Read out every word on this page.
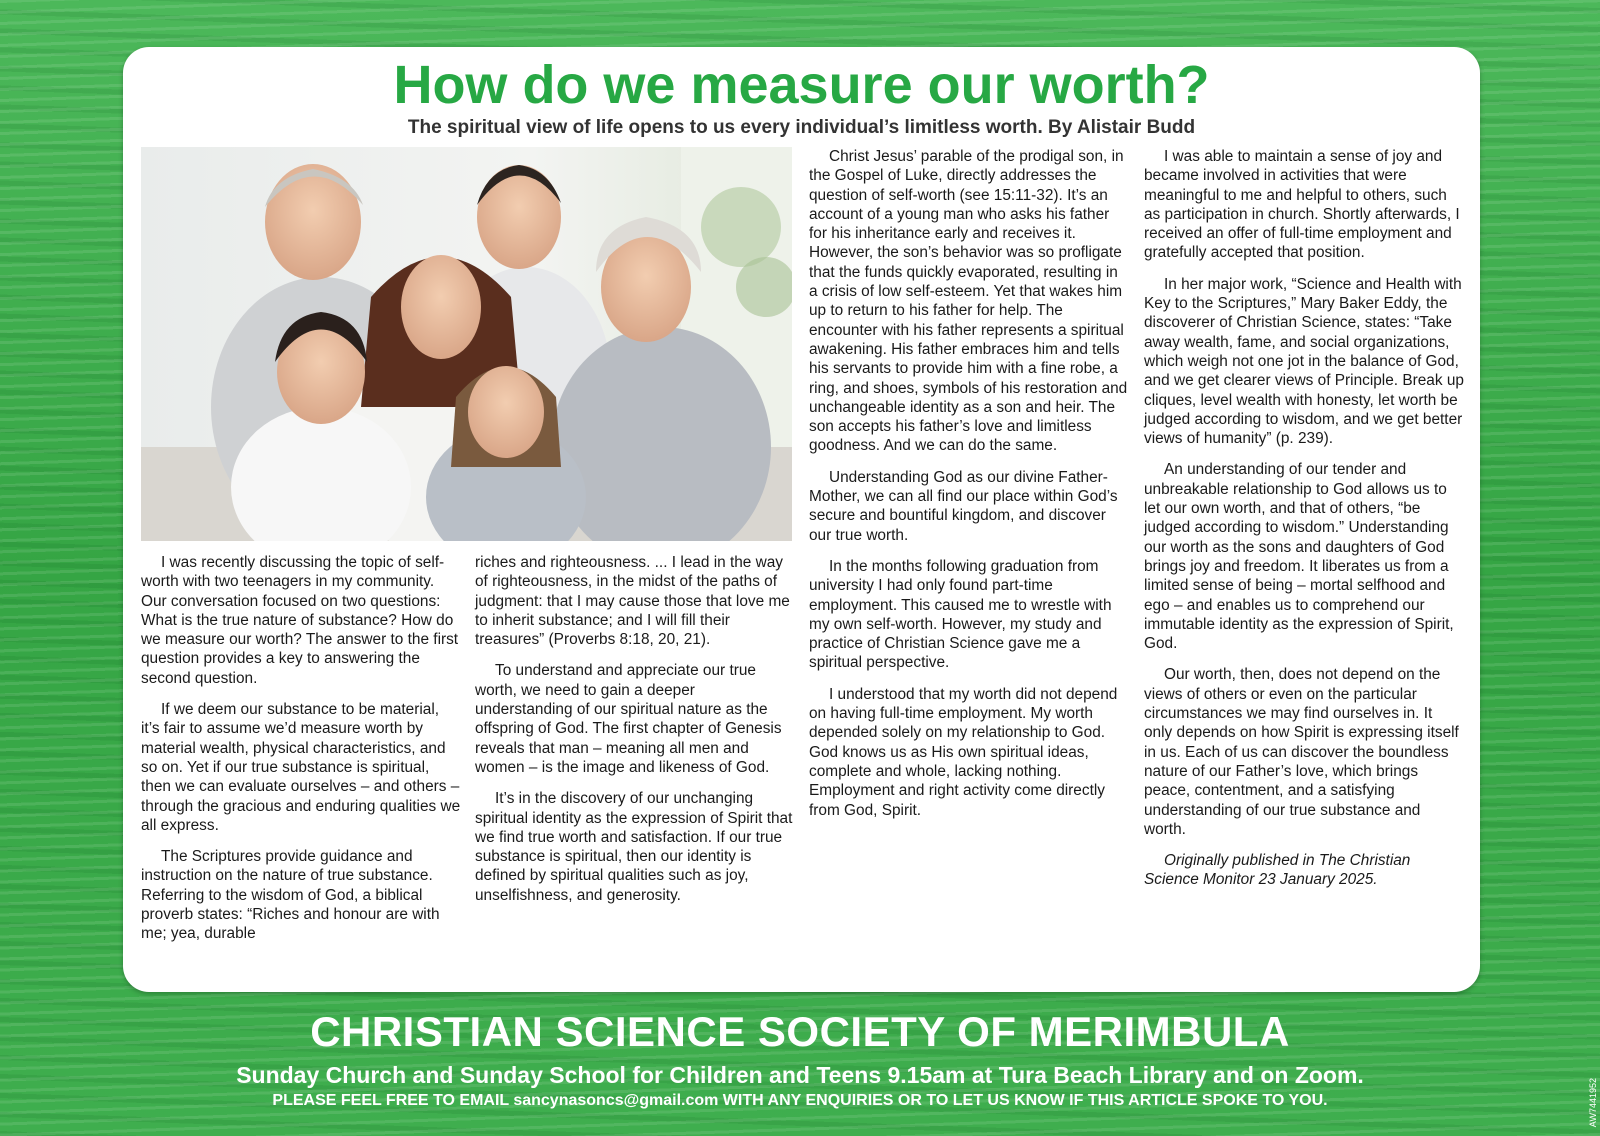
How do we measure our worth?
The spiritual view of life opens to us every individual’s limitless worth. By Alistair Budd

I was recently discussing the topic of self-worth with two teenagers in my community. Our conversation focused on two questions: What is the true nature of substance? How do we measure our worth? The answer to the first question provides a key to answering the second question.

If we deem our substance to be material, it’s fair to assume we’d measure worth by material wealth, physical characteristics, and so on. Yet if our true substance is spiritual, then we can evaluate ourselves – and others – through the gracious and enduring qualities we all express.

The Scriptures provide guidance and instruction on the nature of true substance. Referring to the wisdom of God, a biblical proverb states: “Riches and honour are with me; yea, durable

riches and righteousness. ... I lead in the way of righteousness, in the midst of the paths of judgment: that I may cause those that love me to inherit substance; and I will fill their treasures” (Proverbs 8:18, 20, 21).

To understand and appreciate our true worth, we need to gain a deeper understanding of our spiritual nature as the offspring of God. The first chapter of Genesis reveals that man – meaning all men and women – is the image and likeness of God.

It’s in the discovery of our unchanging spiritual identity as the expression of Spirit that we find true worth and satisfaction. If our true substance is spiritual, then our identity is defined by spiritual qualities such as joy, unselfishness, and generosity.

Christ Jesus’ parable of the prodigal son, in the Gospel of Luke, directly addresses the question of self-worth (see 15:11-32). It’s an account of a young man who asks his father for his inheritance early and receives it. However, the son’s behavior was so profligate that the funds quickly evaporated, resulting in a crisis of low self-esteem. Yet that wakes him up to return to his father for help. The encounter with his father represents a spiritual awakening. His father embraces him and tells his servants to provide him with a fine robe, a ring, and shoes, symbols of his restoration and unchangeable identity as a son and heir. The son accepts his father’s love and limitless goodness. And we can do the same.

Understanding God as our divine Father-Mother, we can all find our place within God’s secure and bountiful kingdom, and discover our true worth.

In the months following graduation from university I had only found part-time employment. This caused me to wrestle with my own self-worth. However, my study and practice of Christian Science gave me a spiritual perspective.

I understood that my worth did not depend on having full-time employment. My worth depended solely on my relationship to God. God knows us as His own spiritual ideas, complete and whole, lacking nothing. Employment and right activity come directly from God, Spirit.

I was able to maintain a sense of joy and became involved in activities that were meaningful to me and helpful to others, such as participation in church. Shortly afterwards, I received an offer of full-time employment and gratefully accepted that position.

In her major work, “Science and Health with Key to the Scriptures,” Mary Baker Eddy, the discoverer of Christian Science, states: “Take away wealth, fame, and social organizations, which weigh not one jot in the balance of God, and we get clearer views of Principle. Break up cliques, level wealth with honesty, let worth be judged according to wisdom, and we get better views of humanity” (p. 239).

An understanding of our tender and unbreakable relationship to God allows us to let our own worth, and that of others, “be judged according to wisdom.” Understanding our worth as the sons and daughters of God brings joy and freedom. It liberates us from a limited sense of being – mortal selfhood and ego – and enables us to comprehend our immutable identity as the expression of Spirit, God.

Our worth, then, does not depend on the views of others or even on the particular circumstances we may find ourselves in. It only depends on how Spirit is expressing itself in us. Each of us can discover the boundless nature of our Father’s love, which brings peace, contentment, and a satisfying understanding of our true substance and worth.

Originally published in The Christian Science Monitor 23 January 2025.

CHRISTIAN SCIENCE SOCIETY OF MERIMBULA
Sunday Church and Sunday School for Children and Teens 9.15am at Tura Beach Library and on Zoom.
PLEASE FEEL FREE TO EMAIL sancynasoncs@gmail.com WITH ANY ENQUIRIES OR TO LET US KNOW IF THIS ARTICLE SPOKE TO YOU.	AW7441952
